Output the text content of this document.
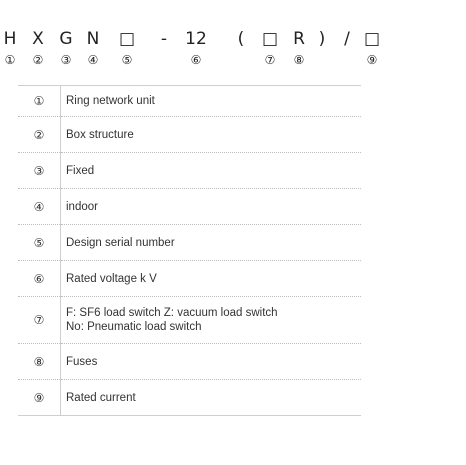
H X G N □ - 12 ( □ R ) / □
① ② ③ ④ ⑤	⑥	⑦ ⑧	⑨
①	Ring network unit
②	Box structure
③	Fixed
④	indoor
⑤	Design serial number
⑥	Rated voltage k V
⑦	F: SF6 load switch Z: vacuum load switch
No: Pneumatic load switch

⑧	Fuses
⑨	Rated current
